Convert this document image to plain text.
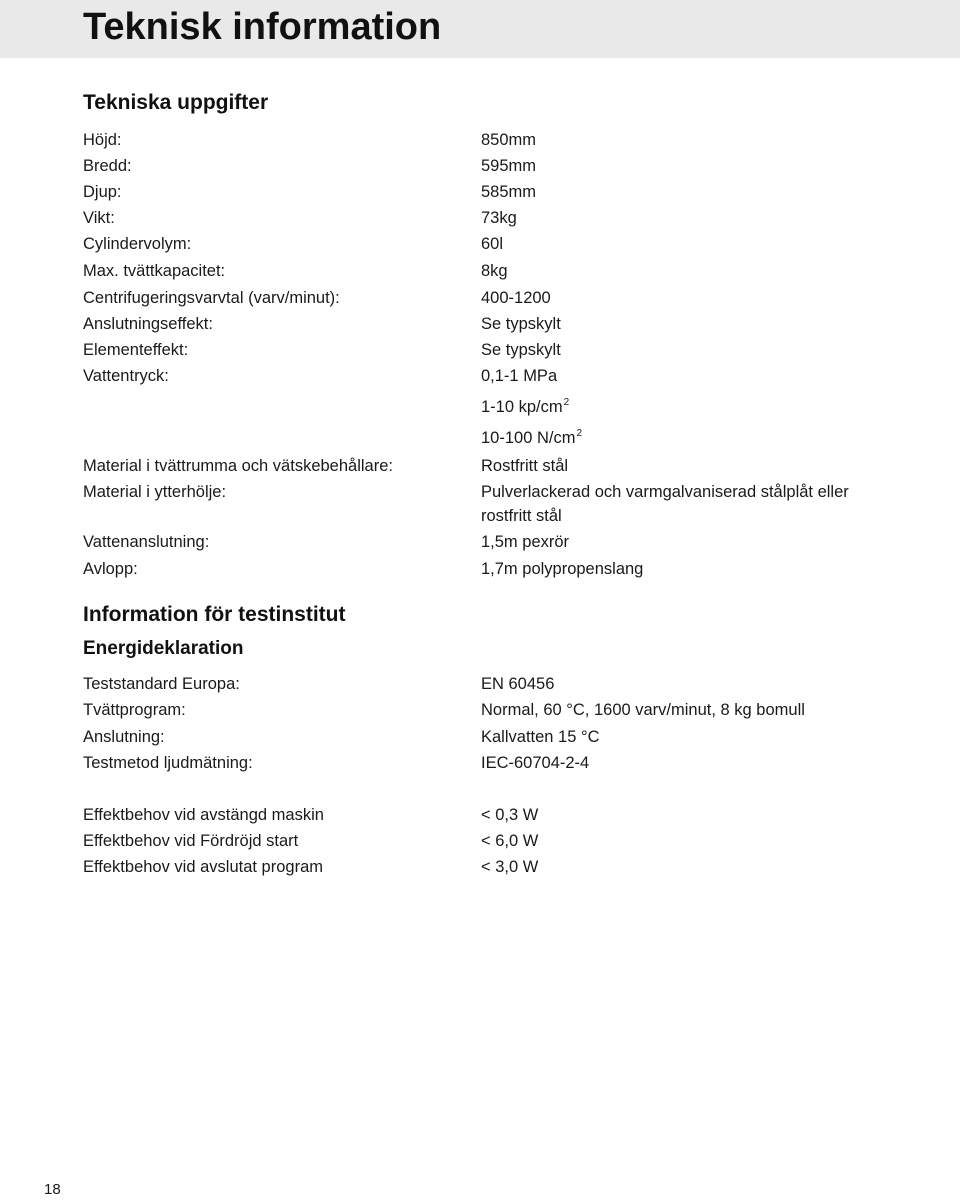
Teknisk information
Tekniska uppgifter
Höjd:	850mm
Bredd:	595mm
Djup:	585mm
Vikt:	73kg
Cylindervolym:	60l
Max. tvättkapacitet:	8kg
Centrifugeringsvarvtal (varv/minut):	400-1200
Anslutningseffekt:	Se typskylt
Elementeffekt:	Se typskylt
Vattentryck:	0,1-1 MPa
1-10 $kp/cm^2$
10-100 $N/cm^2$
Material i tvättrumma och vätskebehållare:	Rostfritt stål
Material i ytterhölje:	Pulverlackerad och varmgalvaniserad stålplåt eller
rostfritt stål
Vattenanslutning:	1,5m pexrör
Avlopp:	1,7m polypropenslang
Information för testinstitut
Energideklaration
Teststandard Europa:	EN 60456
Tvättprogram:	Normal, 60 °C, 1600 varv/minut, 8 kg bomull
Anslutning:	Kallvatten 15 °C
Testmetod ljudmätning:	IEC-60704-2-4
Effektbehov vid avstängd maskin	< 0,3 W
Effektbehov vid Fördröjd start	< 6,0 W
Effektbehov vid avslutat program	< 3,0 W
18
